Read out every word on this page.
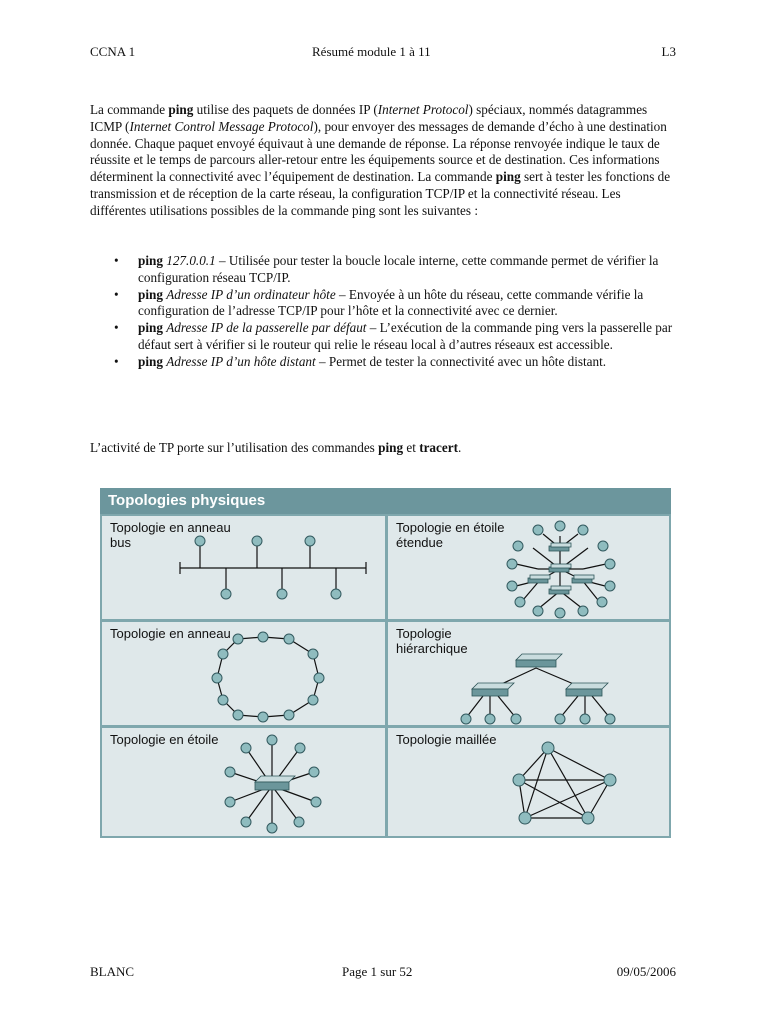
CCNA 1	Résumé module 1 à 11	L3
La commande ping utilise des paquets de données IP (Internet Protocol) spéciaux, nommés datagrammes ICMP (Internet Control Message Protocol), pour envoyer des messages de demande d’écho à une destination donnée. Chaque paquet envoyé équivaut à une demande de réponse. La réponse renvoyée indique le taux de réussite et le temps de parcours aller-retour entre les équipements source et de destination. Ces informations déterminent la connectivité avec l’équipement de destination. La commande ping sert à tester les fonctions de transmission et de réception de la carte réseau, la configuration TCP/IP et la connectivité réseau. Les différentes utilisations possibles de la commande ping sont les suivantes :
• ping 127.0.0.1 – Utilisée pour tester la boucle locale interne, cette commande permet de vérifier la configuration réseau TCP/IP.
• ping Adresse IP d’un ordinateur hôte – Envoyée à un hôte du réseau, cette commande vérifie la configuration de l’adresse TCP/IP pour l’hôte et la connectivité avec ce dernier.
• ping Adresse IP de la passerelle par défaut – L’exécution de la commande ping vers la passerelle par défaut sert à vérifier si le routeur qui relie le réseau local à d’autres réseaux est accessible.
• ping Adresse IP d’un hôte distant – Permet de tester la connectivité avec un hôte distant.
L’activité de TP porte sur l’utilisation des commandes ping et tracert.
Topologies physiques
Topologie en anneau
bus
Topologie en étoile
étendue
Topologie en anneau	Topologie
hiérarchique
Topologie en étoile	Topologie maillée
BLANC	Page 1 sur 52	09/05/2006
